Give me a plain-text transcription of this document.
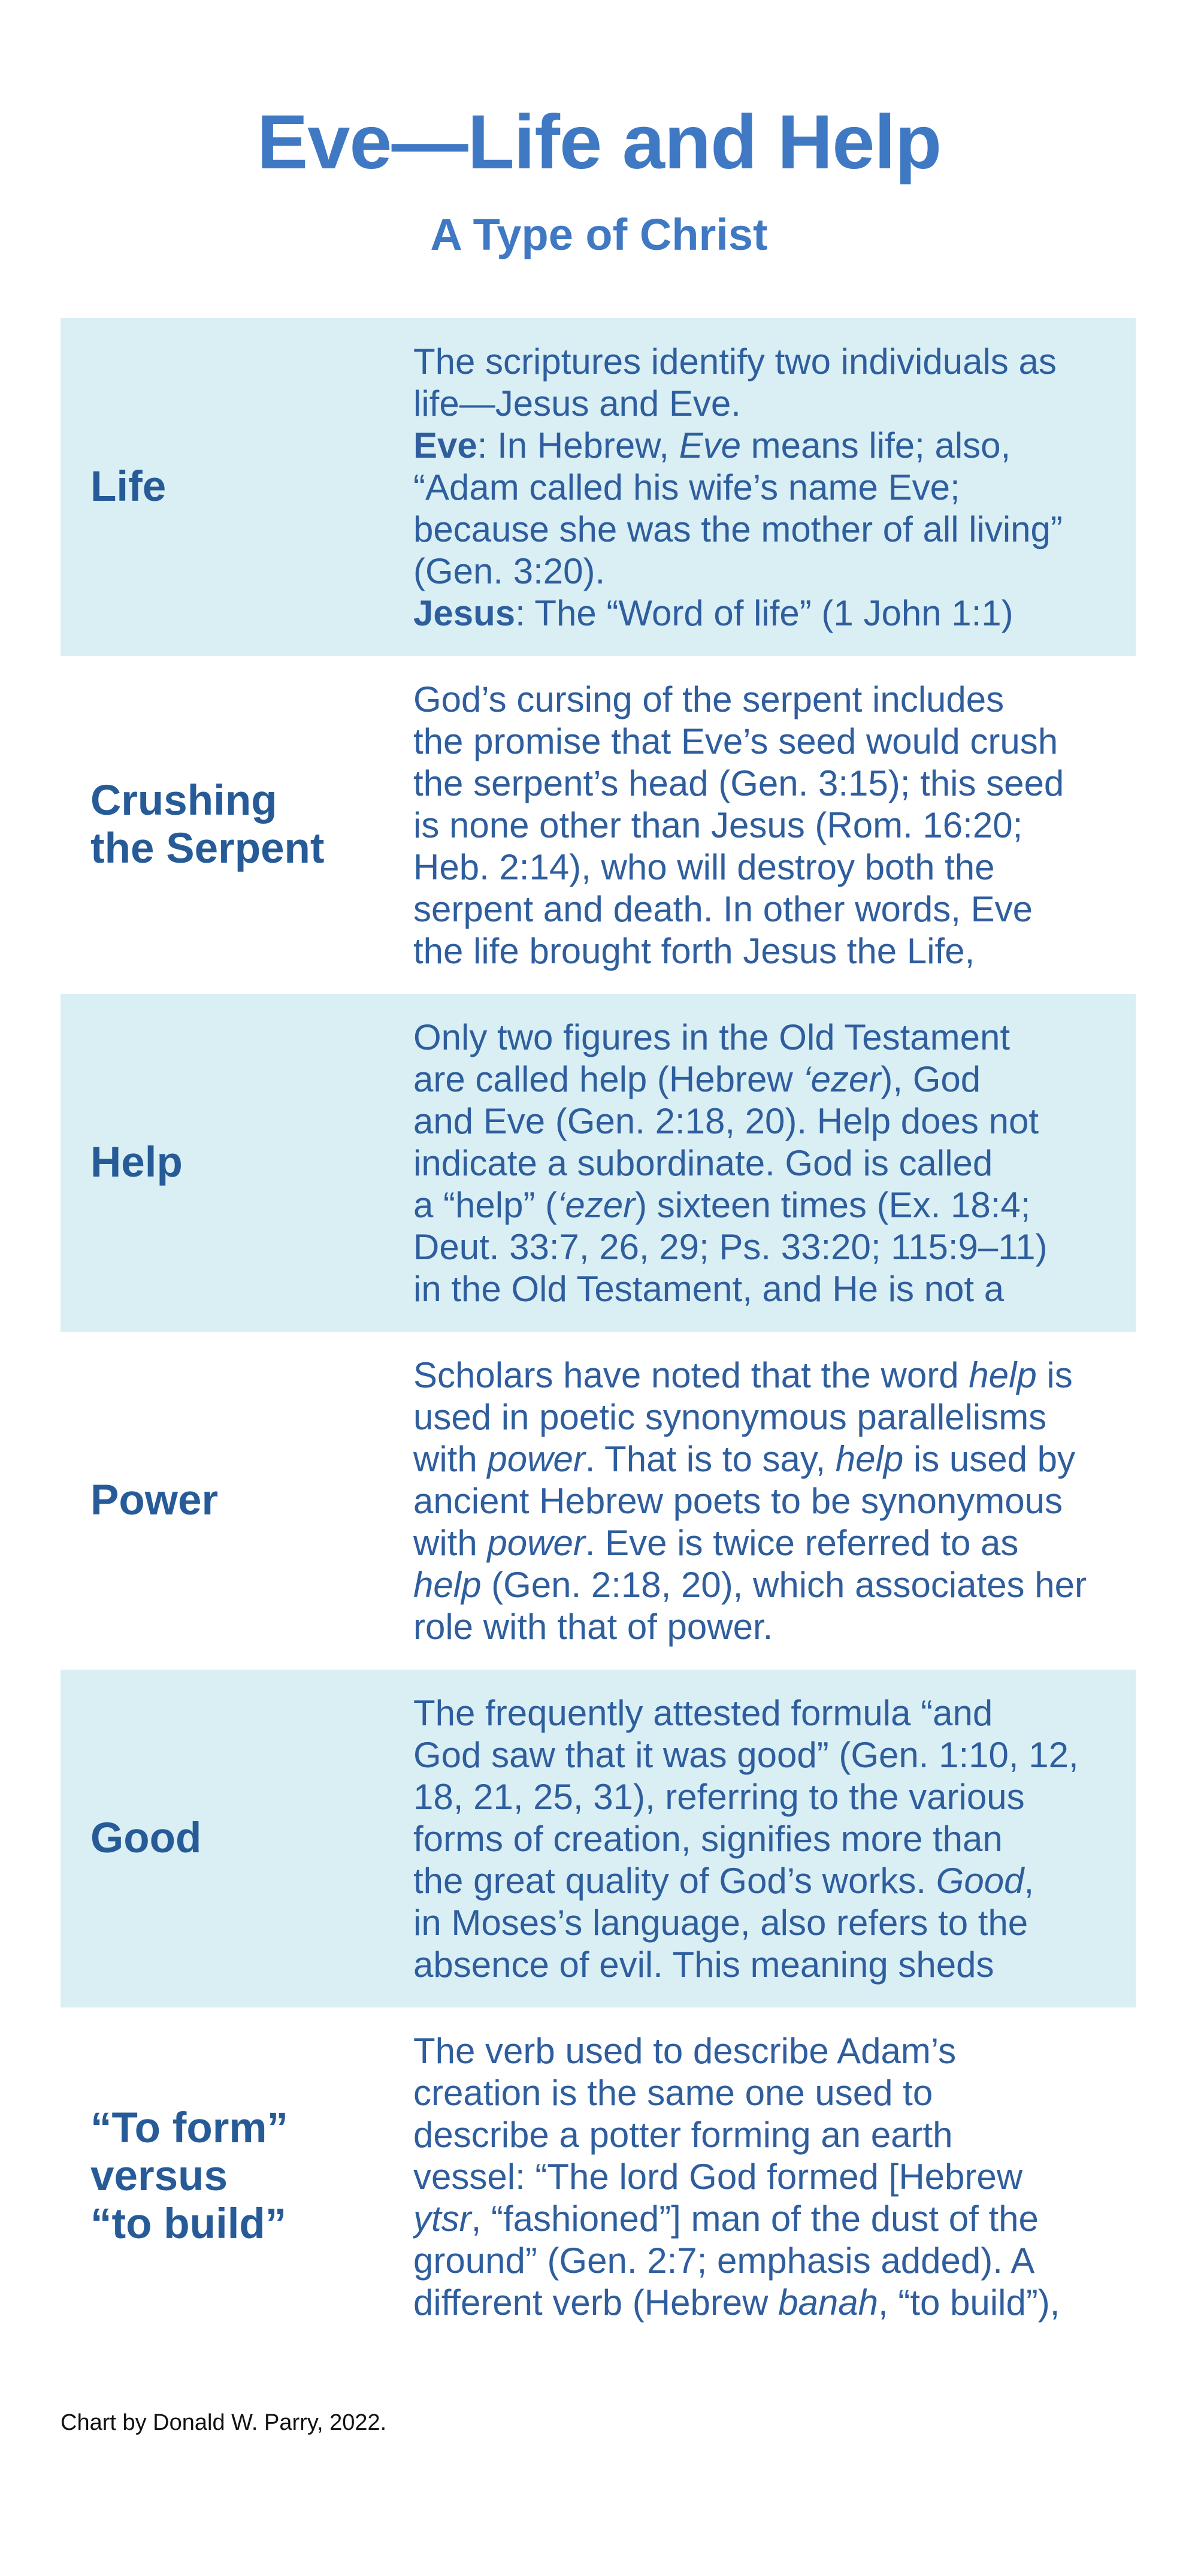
Eve—Life and Help
A Type of Christ
Life
The scriptures identify two individuals as
life—Jesus and Eve.
Eve: In Hebrew, Eve means life; also,
“Adam called his wife’s name Eve;
because she was the mother of all living”
(Gen. 3:20).
Jesus: The “Word of life” (1 John 1:1)
Crushing
the Serpent
God’s cursing of the serpent includes
the promise that Eve’s seed would crush
the serpent’s head (Gen. 3:15); this seed
is none other than Jesus (Rom. 16:20;
Heb. 2:14), who will destroy both the
serpent and death. In other words, Eve
the life brought forth Jesus the Life,
Help
Only two figures in the Old Testament
are called help (Hebrew ‘ezer), God
and Eve (Gen. 2:18, 20). Help does not
indicate a subordinate. God is called
a “help” (‘ezer) sixteen times (Ex. 18:4;
Deut. 33:7, 26, 29; Ps. 33:20; 115:9–11)
in the Old Testament, and He is not a
Power
Scholars have noted that the word help is
used in poetic synonymous parallelisms
with power. That is to say, help is used by
ancient Hebrew poets to be synonymous
with power. Eve is twice referred to as
help (Gen. 2:18, 20), which associates her
role with that of power.
Good
The frequently attested formula “and
God saw that it was good” (Gen. 1:10, 12,
18, 21, 25, 31), referring to the various
forms of creation, signifies more than
the great quality of God’s works. Good,
in Moses’s language, also refers to the
absence of evil. This meaning sheds
“To form”
versus
“to build”
The verb used to describe Adam’s
creation is the same one used to
describe a potter forming an earth
vessel: “The lord God formed [Hebrew
ytsr, “fashioned”] man of the dust of the
ground” (Gen. 2:7; emphasis added). A
different verb (Hebrew banah, “to build”),
Chart by Donald W. Parry, 2022.
